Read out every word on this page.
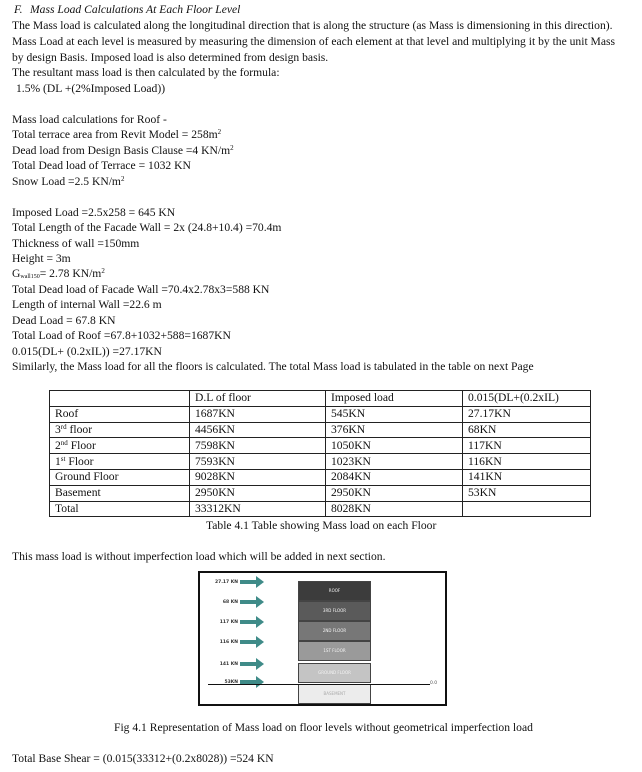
F. Mass Load Calculations At Each Floor Level
The Mass load is calculated along the longitudinal direction that is along the structure (as Mass is dimensioning in this direction).
Mass Load at each level is measured by measuring the dimension of each element at that level and multiplying it by the unit Mass
by design Basis. Imposed load is also determined from design basis.
The resultant mass load is then calculated by the formula:
1.5% (DL +(2%Imposed Load))
Mass load calculations for Roof -
Total terrace area from Revit Model = $258m^2$
Dead load from Design Basis Clause =4 $KN/m^2$
Total Dead load of Terrace = 1032 KN
Snow Load =2.5 $KN/m^2$
Imposed Load =2.5x258 = 645 KN
Total Length of the Facade Wall = 2x (24.8+10.4) =70.4m
Thickness of wall =150mm
Height = 3m
$G_{wall150}= 2.78$ $KN/m^2$
Total Dead load of Facade Wall =70.4x2.78x3=588 KN
Length of internal Wall =22.6 m
Dead Load = 67.8 KN
Total Load of Roof =67.8+1032+588=1687KN
0.015(DL+ (0.2xIL)) =27.17KN
Similarly, the Mass load for all the floors is calculated. The total Mass load is tabulated in the table on next Page
	D.L of floor	Imposed load	0.015(DL+(0.2xIL)
Roof	1687KN	545KN	27.17KN
3rd floor	4456KN	376KN	68KN
2nd Floor	7598KN	1050KN	117KN
1st Floor	7593KN	1023KN	116KN
Ground Floor	9028KN	2084KN	141KN
Basement	2950KN	2950KN	53KN
Total	33312KN	8028KN	
Table 4.1 Table showing Mass load on each Floor
This mass load is without imperfection load which will be added in next section.
ROOF
3RD FLOOR
2ND FLOOR
1ST FLOOR
GROUND FLOOR
BASEMENT
27.17 KN
68 KN
117 KN
116 KN
141 KN
53KN	0.0
Fig 4.1 Representation of Mass load on floor levels without geometrical imperfection load
Total Base Shear = (0.015(33312+(0.2x8028)) =524 KN
